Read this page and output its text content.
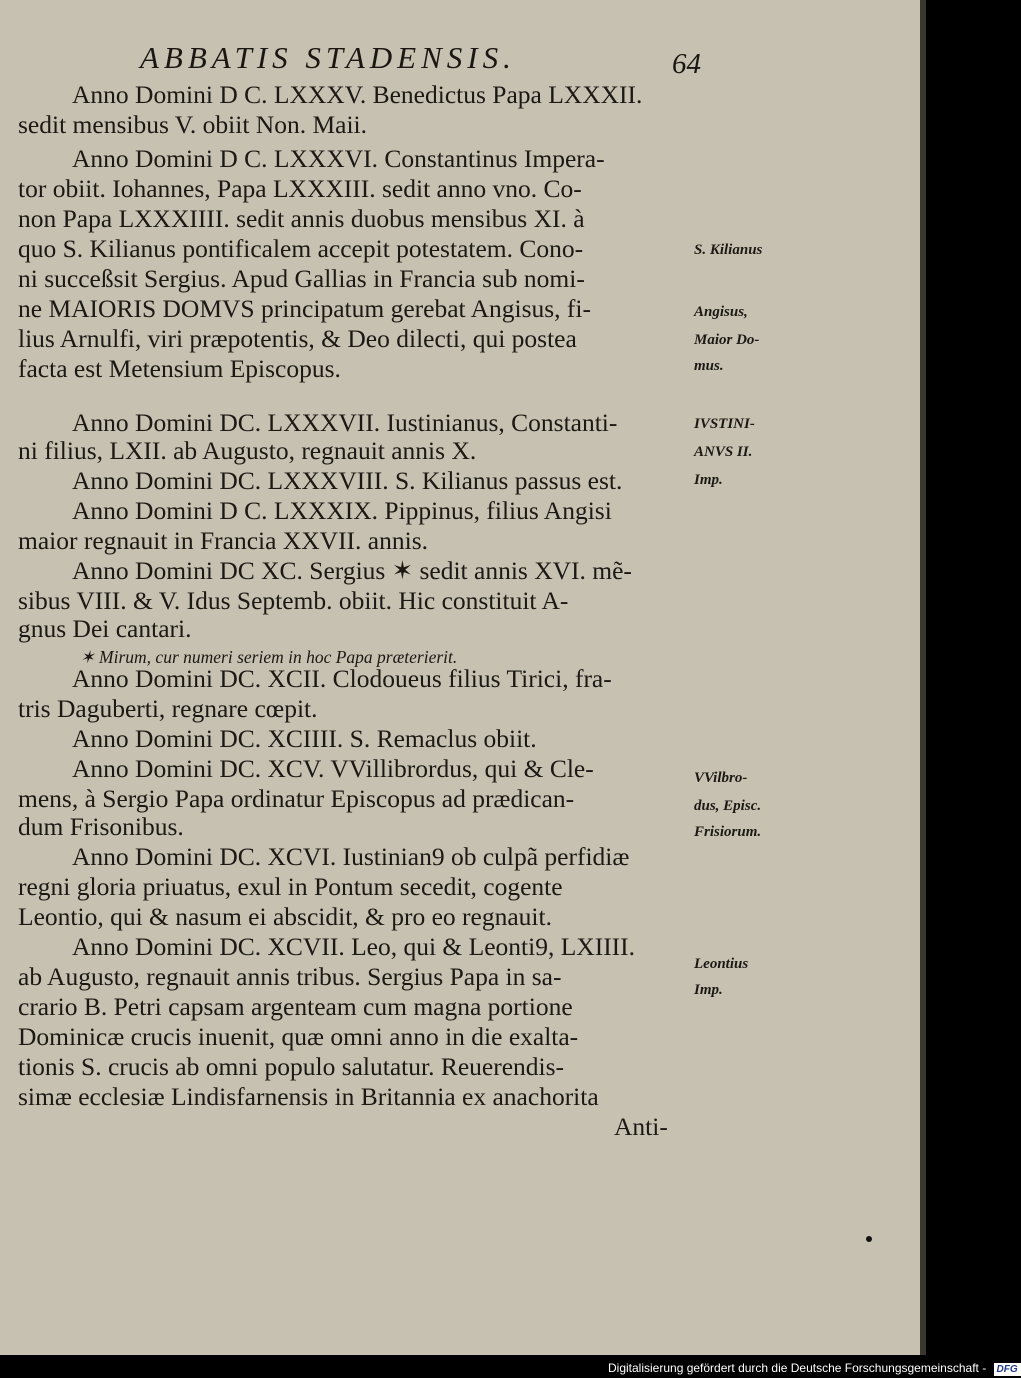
ABBATIS STADENSIS.	64
Anno Domini D C. LXXXV. Benedictus Papa LXXXII.
sedit mensibus V. obiit Non. Maii.
Anno Domini D C. LXXXVI. Constantinus Impera-
tor obiit. Iohannes, Papa LXXXIII. sedit anno vno. Co-
non Papa LXXXIIII. sedit annis duobus mensibus XI. à
quo S. Kilianus pontificalem accepit potestatem. Cono-
ni succeßsit Sergius. Apud Gallias in Francia sub nomi-
ne MAIORIS DOMVS principatum gerebat Angisus, fi-
lius Arnulfi, viri præpotentis, & Deo dilecti, qui postea
facta est Metensium Episcopus.
Anno Domini DC. LXXXVII. Iustinianus, Constanti-
ni filius, LXII. ab Augusto, regnauit annis X.
Anno Domini DC. LXXXVIII. S. Kilianus passus est.
Anno Domini D C. LXXXIX. Pippinus, filius Angisi
maior regnauit in Francia XXVII. annis.
Anno Domini DC XC. Sergius ✶ sedit annis XVI. mẽ-
sibus VIII. & V. Idus Septemb. obiit. Hic constituit A-
gnus Dei cantari.
✶ Mirum, cur numeri seriem in hoc Papa præterierit.
Anno Domini DC. XCII. Clodoueus filius Tirici, fra-
tris Daguberti, regnare cœpit.
Anno Domini DC. XCIIII. S. Remaclus obiit.
Anno Domini DC. XCV. VVillibrordus, qui & Cle-
mens, à Sergio Papa ordinatur Episcopus ad prædican-
dum Frisonibus.
Anno Domini DC. XCVI. Iustinian9 ob culpã perfidiæ
regni gloria priuatus, exul in Pontum secedit, cogente
Leontio, qui & nasum ei abscidit, & pro eo regnauit.
Anno Domini DC. XCVII. Leo, qui & Leonti9, LXIIII.
ab Augusto, regnauit annis tribus. Sergius Papa in sa-
crario B. Petri capsam argenteam cum magna portione
Dominicæ crucis inuenit, quæ omni anno in die exalta-
tionis S. crucis ab omni populo salutatur. Reuerendis-
simæ ecclesiæ Lindisfarnensis in Britannia ex anachorita
Anti-
S. Kilianus
Angisus,
Maior Do-
mus.
IVSTINI-
ANVS II.
Imp.
VVilbro-
dus, Episc.
Frisiorum.
Leontius
Imp.
Digitalisierung gefördert durch die Deutsche Forschungsgemeinschaft - DFG
